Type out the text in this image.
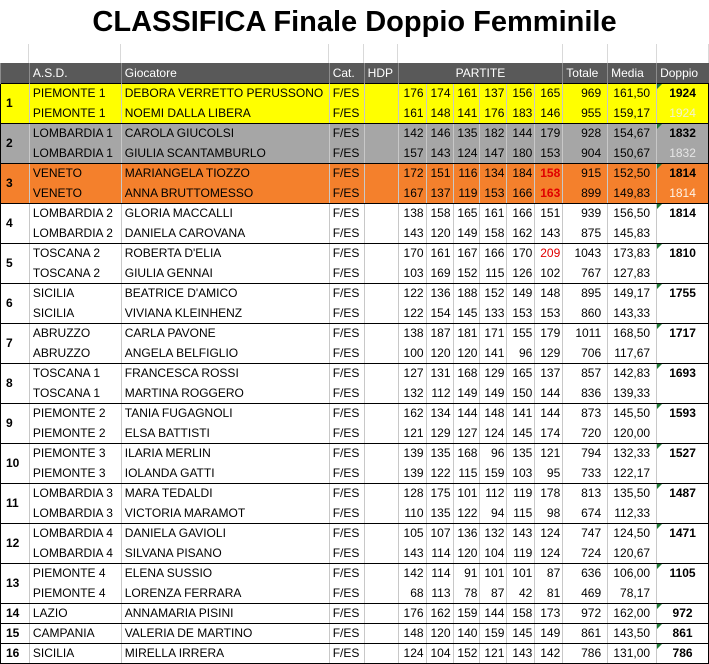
CLASSIFICA Finale Doppio Femminile
	A.S.D.	Giocatore	Cat.	HDP	PARTITE						Totale	Media	Doppio
1	PIEMONTE 1	DEBORA VERRETTO PERUSSONO	F/ES		176	174	161	137	156	165	969	161,50	1924
	PIEMONTE 1	NOEMI DALLA LIBERA	F/ES		161	148	141	176	183	146	955	159,17	1924
2	LOMBARDIA 1	CAROLA GIUCOLSI	F/ES		142	146	135	182	144	179	928	154,67	1832
	LOMBARDIA 1	GIULIA SCANTAMBURLO	F/ES		157	143	124	147	180	153	904	150,67	1832
3	VENETO	MARIANGELA TIOZZO	F/ES		172	151	116	134	184	158	915	152,50	1814
	VENETO	ANNA BRUTTOMESSO	F/ES		167	137	119	153	166	163	899	149,83	1814
4	LOMBARDIA 2	GLORIA MACCALLI	F/ES		138	158	165	161	166	151	939	156,50	1814
	LOMBARDIA 2	DANIELA CAROVANA	F/ES		143	120	149	158	162	143	875	145,83	
5	TOSCANA 2	ROBERTA D'ELIA	F/ES		170	161	167	166	170	209	1043	173,83	1810
	TOSCANA 2	GIULIA GENNAI	F/ES		103	169	152	115	126	102	767	127,83	
6	SICILIA	BEATRICE D'AMICO	F/ES		122	136	188	152	149	148	895	149,17	1755
	SICILIA	VIVIANA KLEINHENZ	F/ES		122	154	145	133	153	153	860	143,33	
7	ABRUZZO	CARLA PAVONE	F/ES		138	187	181	171	155	179	1011	168,50	1717
	ABRUZZO	ANGELA BELFIGLIO	F/ES		100	120	120	141	96	129	706	117,67	
8	TOSCANA 1	FRANCESCA ROSSI	F/ES		127	131	168	129	165	137	857	142,83	1693
	TOSCANA 1	MARTINA ROGGERO	F/ES		132	112	149	149	150	144	836	139,33	
9	PIEMONTE 2	TANIA FUGAGNOLI	F/ES		162	134	144	148	141	144	873	145,50	1593
	PIEMONTE 2	ELSA BATTISTI	F/ES		121	129	127	124	145	174	720	120,00	
10	PIEMONTE 3	ILARIA MERLIN	F/ES		139	135	168	96	135	121	794	132,33	1527
	PIEMONTE 3	IOLANDA GATTI	F/ES		139	122	115	159	103	95	733	122,17	
11	LOMBARDIA 3	MARA TEDALDI	F/ES		128	175	101	112	119	178	813	135,50	1487
	LOMBARDIA 3	VICTORIA MARAMOT	F/ES		110	135	122	94	115	98	674	112,33	
12	LOMBARDIA 4	DANIELA GAVIOLI	F/ES		105	107	136	132	143	124	747	124,50	1471
	LOMBARDIA 4	SILVANA PISANO	F/ES		143	114	120	104	119	124	724	120,67	
13	PIEMONTE 4	ELENA SUSSIO	F/ES		142	114	91	101	101	87	636	106,00	1105
	PIEMONTE 4	LORENZA FERRARA	F/ES		68	113	78	87	42	81	469	78,17	
14	LAZIO	ANNAMARIA PISINI	F/ES		176	162	159	144	158	173	972	162,00	972
15	CAMPANIA	VALERIA DE MARTINO	F/ES		148	120	140	159	145	149	861	143,50	861
16	SICILIA	MIRELLA IRRERA	F/ES		124	104	152	121	143	142	786	131,00	786
